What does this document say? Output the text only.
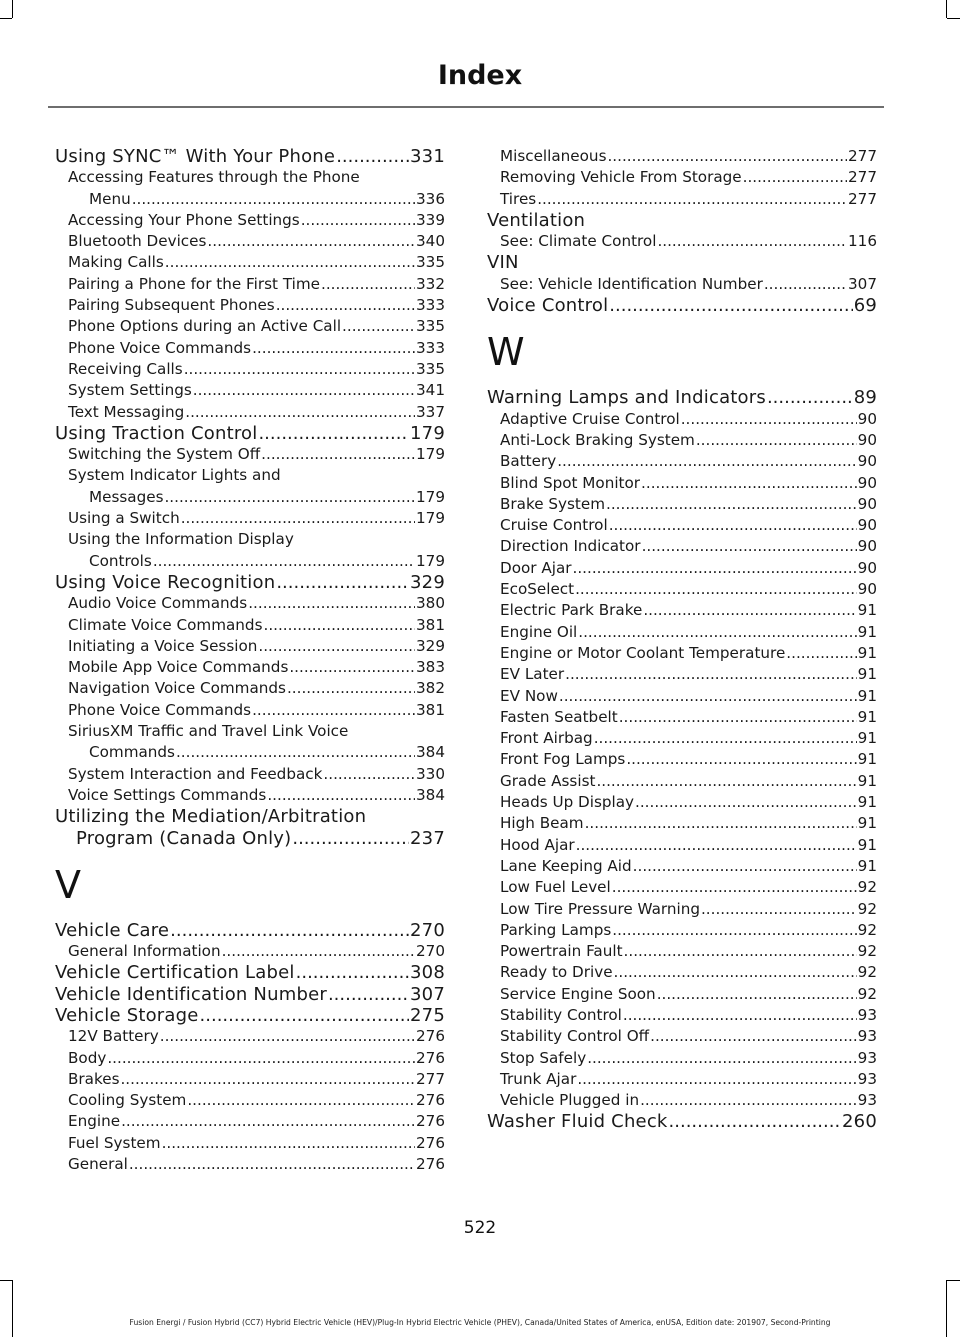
Index
Using SYNC™ With Your Phone .....	331
Accessing Features through the Phone
Menu .....	336
Accessing Your Phone Settings .....	339
Bluetooth Devices .....	340
Making Calls .....	335
Pairing a Phone for the First Time .....	332
Pairing Subsequent Phones .....	333
Phone Options during an Active Call .....	335
Phone Voice Commands .....	333
Receiving Calls .....	335
System Settings .....	341
Text Messaging .....	337
Using Traction Control .....	179
Switching the System Off .....	179
System Indicator Lights and
Messages .....	179
Using a Switch .....	179
Using the Information Display
Controls .....	179
Using Voice Recognition .....	329
Audio Voice Commands .....	380
Climate Voice Commands .....	381
Initiating a Voice Session .....	329
Mobile App Voice Commands .....	383
Navigation Voice Commands .....	382
Phone Voice Commands .....	381
SiriusXM Traffic and Travel Link Voice
Commands .....	384
System Interaction and Feedback .....	330
Voice Settings Commands .....	384
Utilizing the Mediation/Arbitration
Program (Canada Only) .....	237
V
Vehicle Care .....	270
General Information .....	270
Vehicle Certification Label .....	308
Vehicle Identification Number .....	307
Vehicle Storage .....	275
12V Battery .....	276
Body .....	276
Brakes .....	277
Cooling System .....	276
Engine .....	276
Fuel System .....	276
General .....	276
Miscellaneous .....	277
Removing Vehicle From Storage .....	277
Tires .....	277
Ventilation
See: Climate Control .....	116
VIN
See: Vehicle Identification Number .....	307
Voice Control .....	69
W
Warning Lamps and Indicators .....	89
Adaptive Cruise Control .....	90
Anti-Lock Braking System .....	90
Battery .....	90
Blind Spot Monitor .....	90
Brake System .....	90
Cruise Control .....	90
Direction Indicator .....	90
Door Ajar .....	90
EcoSelect .....	90
Electric Park Brake .....	91
Engine Oil .....	91
Engine or Motor Coolant Temperature .....	91
EV Later .....	91
EV Now .....	91
Fasten Seatbelt .....	91
Front Airbag .....	91
Front Fog Lamps .....	91
Grade Assist .....	91
Heads Up Display .....	91
High Beam .....	91
Hood Ajar .....	91
Lane Keeping Aid .....	91
Low Fuel Level .....	92
Low Tire Pressure Warning .....	92
Parking Lamps .....	92
Powertrain Fault .....	92
Ready to Drive .....	92
Service Engine Soon .....	92
Stability Control .....	93
Stability Control Off .....	93
Stop Safely .....	93
Trunk Ajar .....	93
Vehicle Plugged in .....	93
Washer Fluid Check .....	260
522
Fusion Energi / Fusion Hybrid (CC7) Hybrid Electric Vehicle (HEV)/Plug-In Hybrid Electric Vehicle (PHEV), Canada/United States of America, enUSA, Edition date: 201907, Second-Printing
